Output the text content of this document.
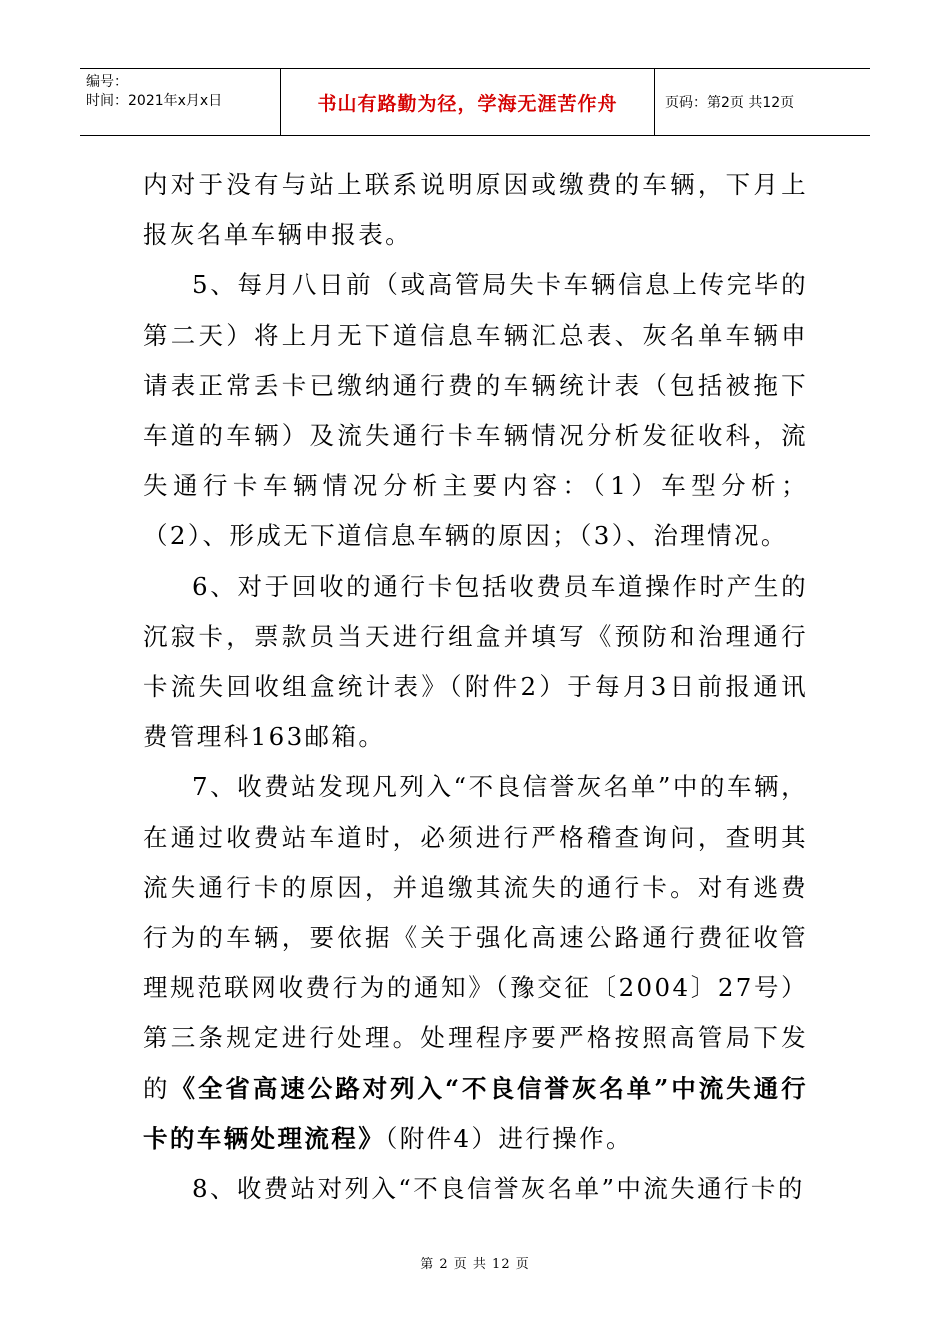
编号：
时间：2021年x月x日	书山有路勤为径，学海无涯苦作舟	页码：第2页 共12页

内对于没有与站上联系说明原因或缴费的车辆，下月上报灰名单车辆申报表。

5、每月八日前（或高管局失卡车辆信息上传完毕的第二天）将上月无下道信息车辆汇总表、灰名单车辆申请表正常丢卡已缴纳通行费的车辆统计表（包括被拖下车道的车辆）及流失通行卡车辆情况分析发征收科，流失通行卡车辆情况分析主要内容：（1）车型分析；（2）、形成无下道信息车辆的原因；（3）、治理情况。

6、对于回收的通行卡包括收费员车道操作时产生的沉寂卡，票款员当天进行组盒并填写《预防和治理通行卡流失回收组盒统计表》（附件2）于每月3日前报通讯费管理科163邮箱。

7、收费站发现凡列入“不良信誉灰名单”中的车辆，在通过收费站车道时，必须进行严格稽查询问，查明其流失通行卡的原因，并追缴其流失的通行卡。对有逃费行为的车辆，要依据《关于强化高速公路通行费征收管理规范联网收费行为的通知》（豫交征〔2004〕27号）第三条规定进行处理。处理程序要严格按照高管局下发的《全省高速公路对列入“不良信誉灰名单”中流失通行卡的车辆处理流程》（附件4）进行操作。

8、收费站对列入“不良信誉灰名单”中流失通行卡的

第 2 页 共 12 页
